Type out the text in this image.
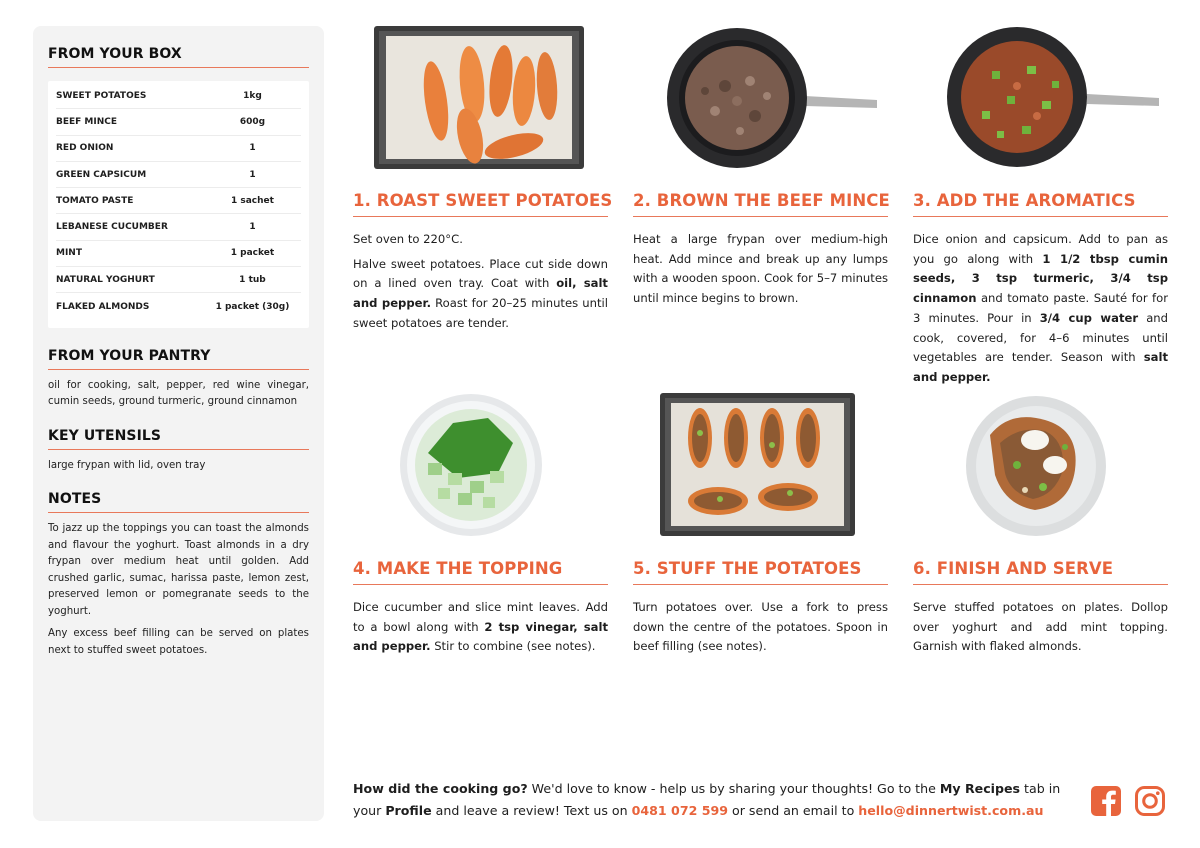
FROM YOUR BOX
SWEET POTATOES	1kg
BEEF MINCE	600g
RED ONION	1
GREEN CAPSICUM	1
TOMATO PASTE	1 sachet
LEBANESE CUCUMBER	1
MINT	1 packet
NATURAL YOGHURT	1 tub
FLAKED ALMONDS	1 packet (30g)
FROM YOUR PANTRY
oil for cooking, salt, pepper, red wine vinegar, cumin seeds, ground turmeric, ground cinnamon
KEY UTENSILS
large frypan with lid, oven tray
NOTES

To jazz up the toppings you can toast the almonds and flavour the yoghurt. Toast almonds in a dry frypan over medium heat until golden. Add crushed garlic, sumac, harissa paste, lemon zest, preserved lemon or pomegranate seeds to the yoghurt.

Any excess beef filling can be served on plates next to stuffed sweet potatoes.

1. ROAST SWEET POTATOES

Set oven to 220°C.

Halve sweet potatoes. Place cut side down on a lined oven tray. Coat with oil, salt and pepper. Roast for 20–25 minutes until sweet potatoes are tender.

2. BROWN THE BEEF MINCE

Heat a large frypan over medium-high heat. Add mince and break up any lumps with a wooden spoon. Cook for 5–7 minutes until mince begins to brown.

3. ADD THE AROMATICS

Dice onion and capsicum. Add to pan as you go along with 1 1/2 tbsp cumin seeds, 3 tsp turmeric, 3/4 tsp cinnamon and tomato paste. Sauté for for 3 minutes. Pour in 3/4 cup water and cook, covered, for 4–6 minutes until vegetables are tender. Season with salt and pepper.

4. MAKE THE TOPPING

Dice cucumber and slice mint leaves. Add to a bowl along with 2 tsp vinegar, salt and pepper. Stir to combine (see notes).

5. STUFF THE POTATOES

Turn potatoes over. Use a fork to press down the centre of the potatoes. Spoon in beef filling (see notes).

6. FINISH AND SERVE

Serve stuffed potatoes on plates. Dollop over yoghurt and add mint topping. Garnish with flaked almonds.

How did the cooking go? We'd love to know - help us by sharing your thoughts! Go to the My Recipes tab in your Profile and leave a review! Text us on 0481 072 599 or send an email to hello@dinnertwist.com.au
